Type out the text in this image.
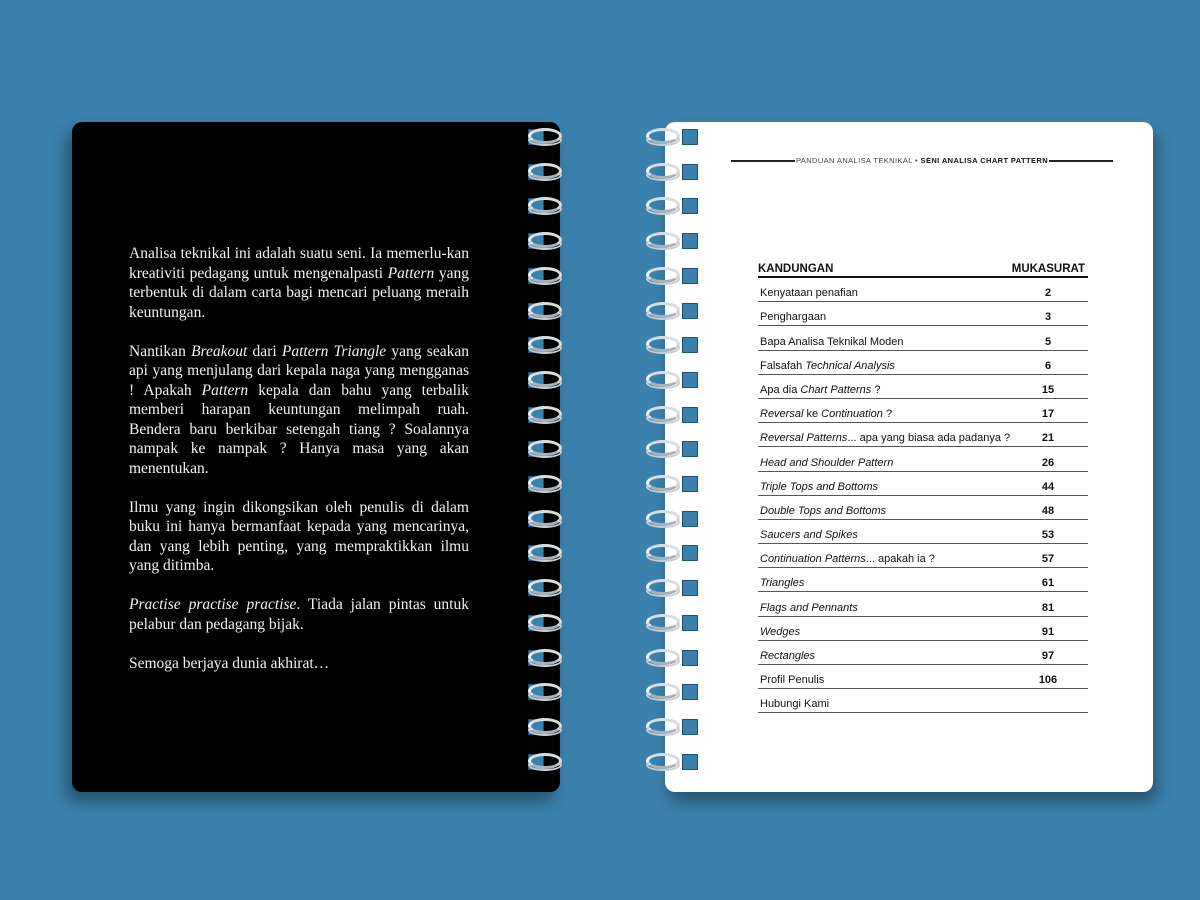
Analisa teknikal ini adalah suatu seni. Ia memerlu-kan kreativiti pedagang untuk mengenalpasti Pattern yang terbentuk di dalam carta bagi mencari peluang meraih keuntungan.

Nantikan Breakout dari Pattern Triangle yang seakan api yang menjulang dari kepala naga yang mengganas ! Apakah Pattern kepala dan bahu yang terbalik memberi harapan keuntungan melimpah ruah. Bendera baru berkibar setengah tiang ? Soalannya nampak ke nampak ? Hanya masa yang akan menentukan.

Ilmu yang ingin dikongsikan oleh penulis di dalam buku ini hanya bermanfaat kepada yang mencarinya, dan yang lebih penting, yang mempraktikkan ilmu yang ditimba.

Practise practise practise. Tiada jalan pintas untuk pelabur dan pedagang bijak.

Semoga berjaya dunia akhirat…

PANDUAN ANALISA TEKNIKAL • SENI ANALISA CHART PATTERN
KANDUNGAN	MUKASURAT
Kenyataan penafian	2
Penghargaan	3
Bapa Analisa Teknikal Moden	5
Falsafah Technical Analysis	6
Apa dia Chart Patterns ?	15
Reversal ke Continuation ?	17
Reversal Patterns... apa yang biasa ada padanya ?	21
Head and Shoulder Pattern	26
Triple Tops and Bottoms	44
Double Tops and Bottoms	48
Saucers and Spikes	53
Continuation Patterns... apakah ia ?	57
Triangles	61
Flags and Pennants	81
Wedges	91
Rectangles	97
Profil Penulis	106
Hubungi Kami
